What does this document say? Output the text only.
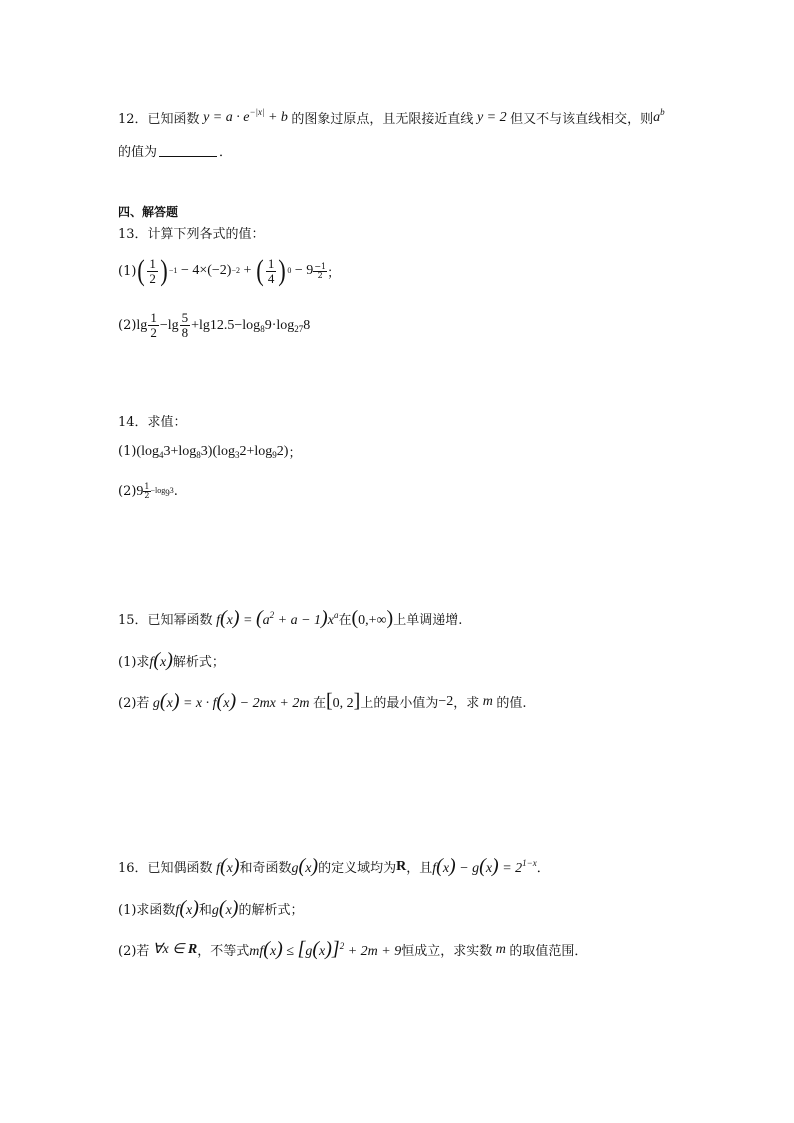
12． 已知函数 $y = a \cdot e^{-|x|} + b$ 的图象过原点，且无限接近直线 y = 2 但又不与该直线相交，则 $a^b$
的值为	．
四、解答题
13．计算下列各式的值：
(1) ( $\frac{1}{2}$ ) −1 − 4×(−2) −2 + ( $\frac{1}{4}$ ) 0 − 9 −1
2 ；
(2) $\lg \frac{1}{2} -\lg \frac{5}{8} +\lg 12.5-\log_89\cdot\log_{27}8$
14．求值：
(1) $(\log_43+\log_83)(\log_32+\log_92)$ ；
(2) 9 1
2
$-\log_93$ .
15． 已知幂函数 $f(x) = (a^2 + a - 1)x^a$ 在 (0,+∞) 上单调递增.
(1)求 f(x) 解析式；
(2)若 g(x) = x · f(x) − 2mx + 2m 在 [0, 2] 上的最小值为 −2 ，求 m 的值.
16． 已知偶函数 f(x) 和奇函数 g(x) 的定义域均为 R ，且 $f(x) - g(x) = 2^{1-x}$ ．
(1)求函数 f(x) 和 g(x) 的解析式；
(2)若 ∀x ∈ R ，不等式 $mf(x) \le [g(x)]^2 + 2m + 9$ 恒成立，求实数 m 的取值范围．
